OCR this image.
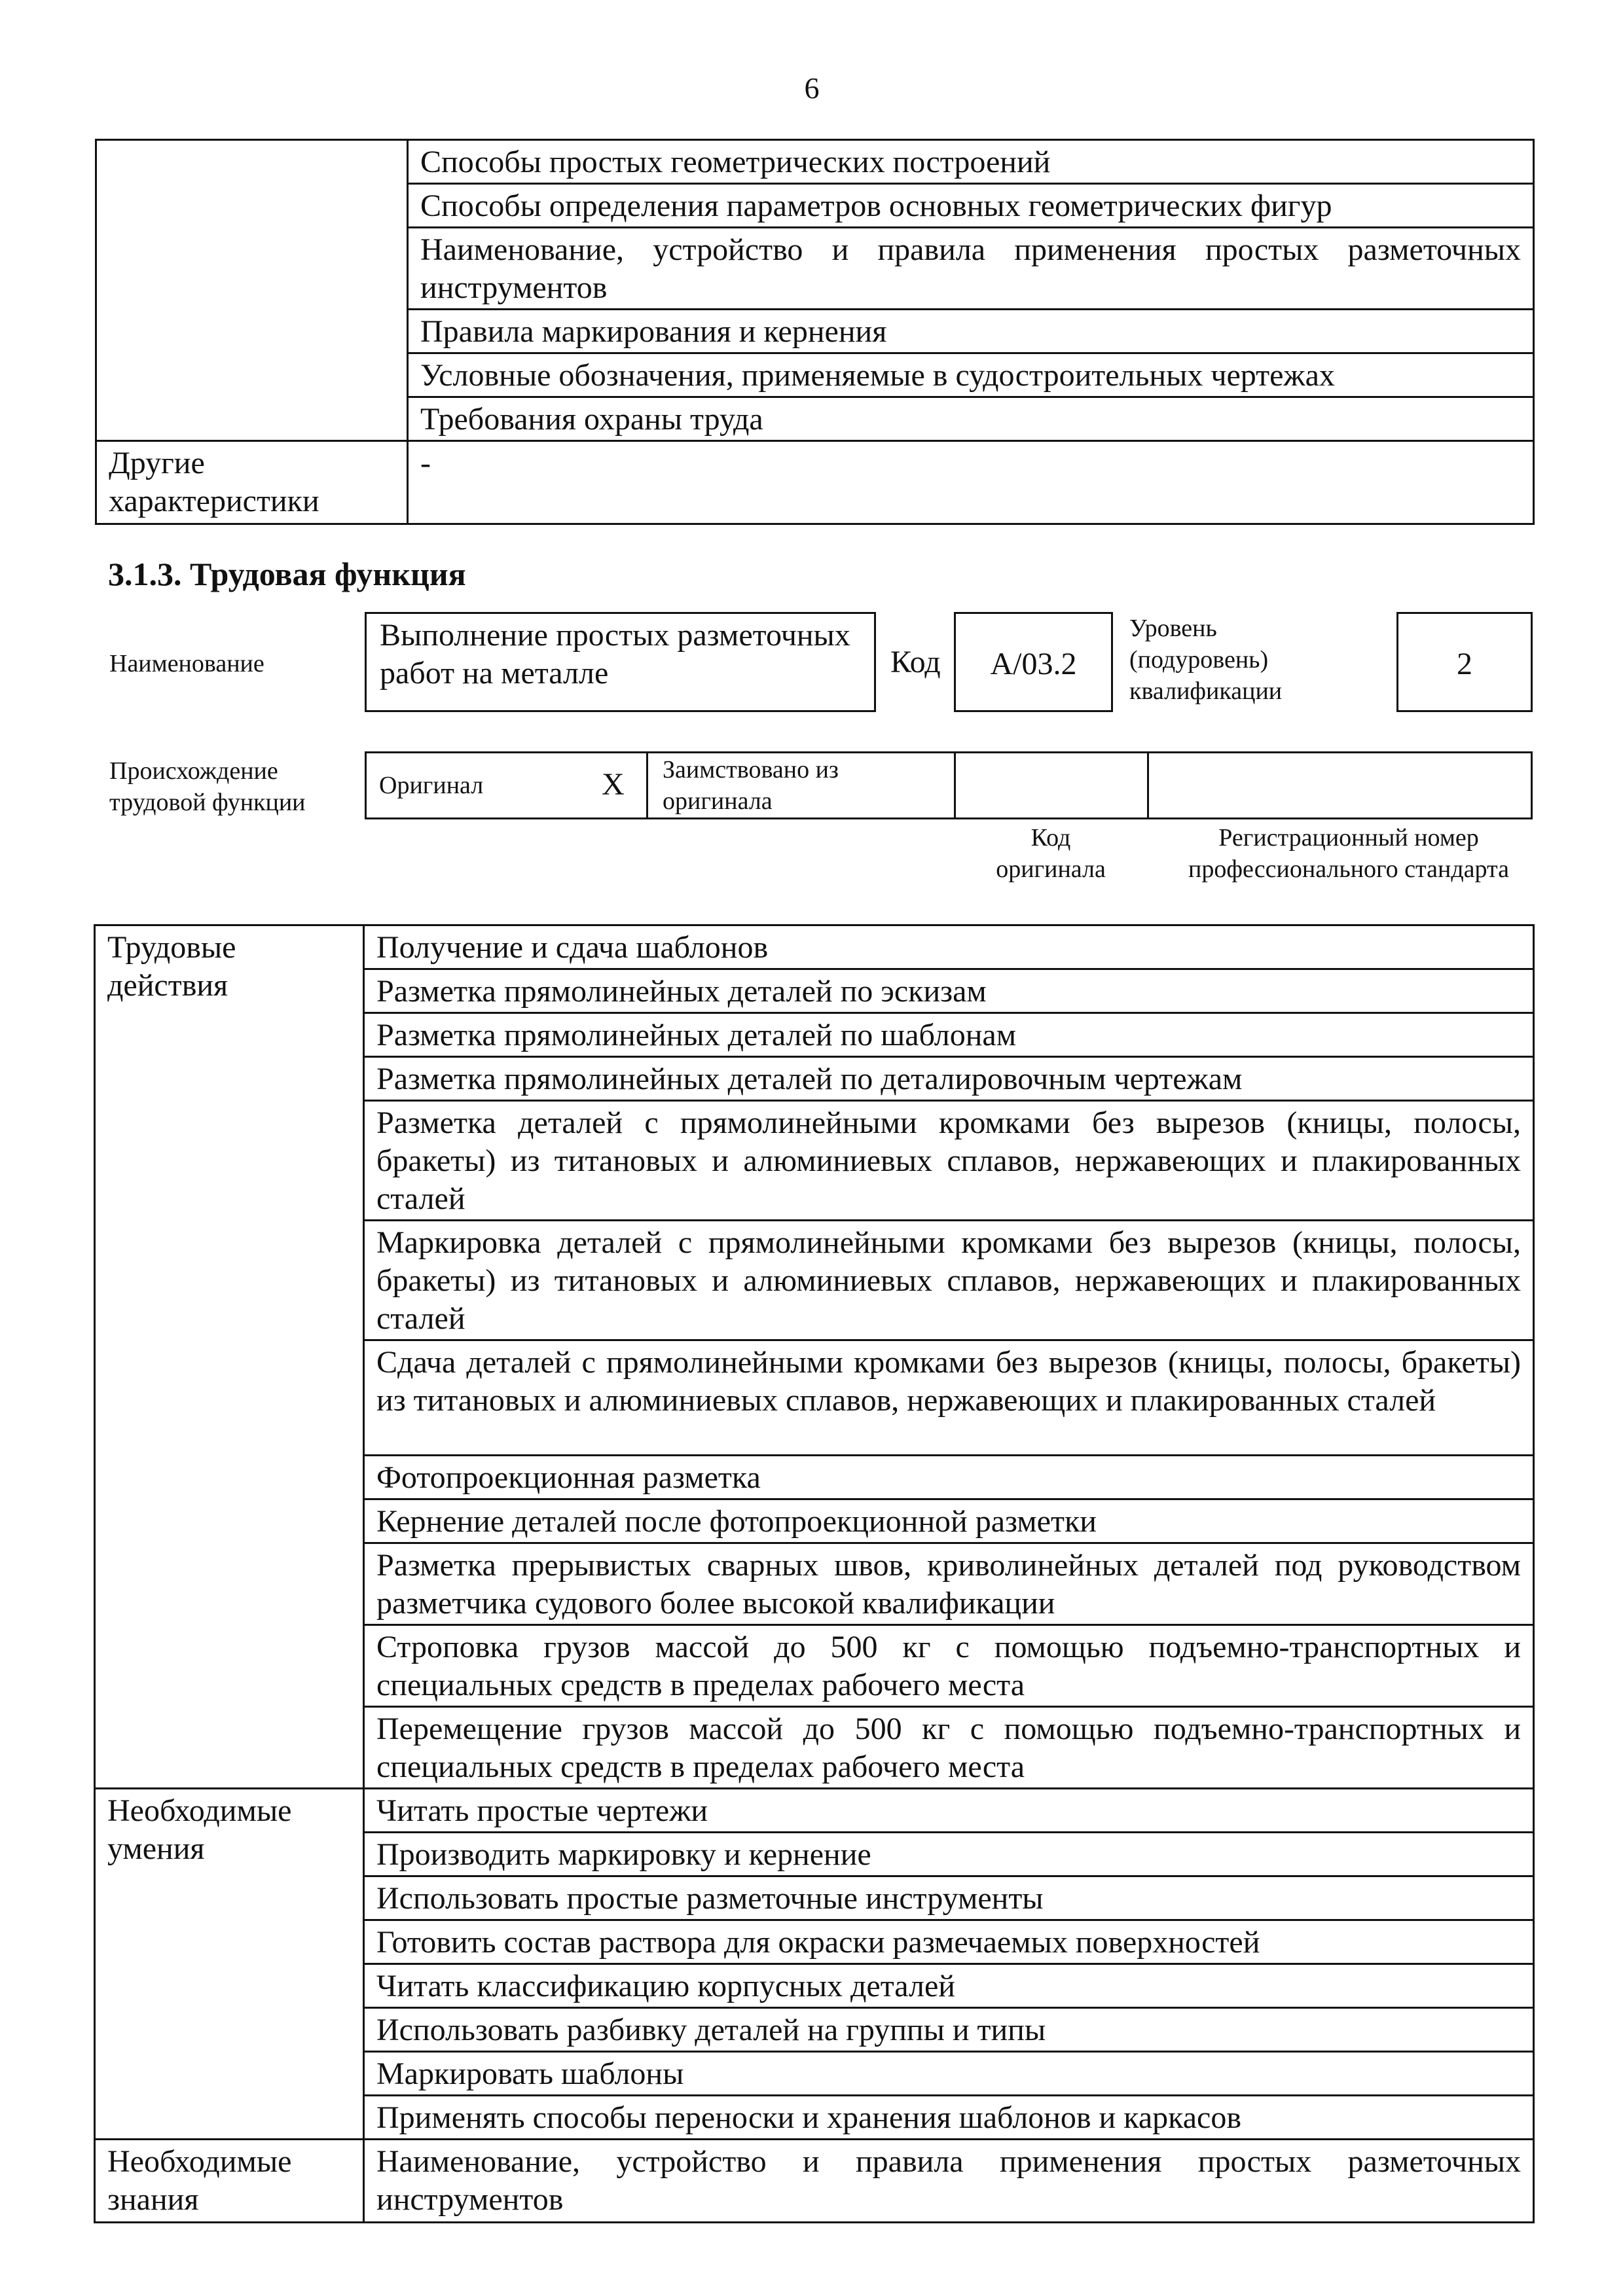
6
	Способы простых геометрических построений
	Способы определения параметров основных геометрических фигур
	Наименование, устройство и правила применения простых разметочных инструментов
	Правила маркирования и кернения
	Условные обозначения, применяемые в судостроительных чертежах
	Требования охраны труда
Другие характеристики	-
3.1.3. Трудовая функция
Наименование
Выполнение простых разметочных работ на металле	Код	А/03.2
Уровень (подуровень) квалификации
2
Происхождение трудовой функции
Оригинал	X Заимствовано из оригинала
Код оригинала
Регистрационный номер профессионального стандарта
Трудовые действия	Получение и сдача шаблонов
	Разметка прямолинейных деталей по эскизам
	Разметка прямолинейных деталей по шаблонам
	Разметка прямолинейных деталей по деталировочным чертежам
	Разметка деталей с прямолинейными кромками без вырезов (кницы, полосы, бракеты) из титановых и алюминиевых сплавов, нержавеющих и плакированных сталей
	Маркировка деталей с прямолинейными кромками без вырезов (кницы, полосы, бракеты) из титановых и алюминиевых сплавов, нержавеющих и плакированных сталей
	Сдача деталей с прямолинейными кромками без вырезов (кницы, полосы, бракеты) из титановых и алюминиевых сплавов, нержавеющих и плакированных сталей
	Фотопроекционная разметка
	Кернение деталей после фотопроекционной разметки
	Разметка прерывистых сварных швов, криволинейных деталей под руководством разметчика судового более высокой квалификации
	Строповка грузов массой до 500 кг с помощью подъемно-транспортных и специальных средств в пределах рабочего места
	Перемещение грузов массой до 500 кг с помощью подъемно-транспортных и специальных средств в пределах рабочего места
Необходимые умения	Читать простые чертежи
	Производить маркировку и кернение
	Использовать простые разметочные инструменты
	Готовить состав раствора для окраски размечаемых поверхностей
	Читать классификацию корпусных деталей
	Использовать разбивку деталей на группы и типы
	Маркировать шаблоны
	Применять способы переноски и хранения шаблонов и каркасов
Необходимые знания	Наименование, устройство и правила применения простых разметочных инструментов
